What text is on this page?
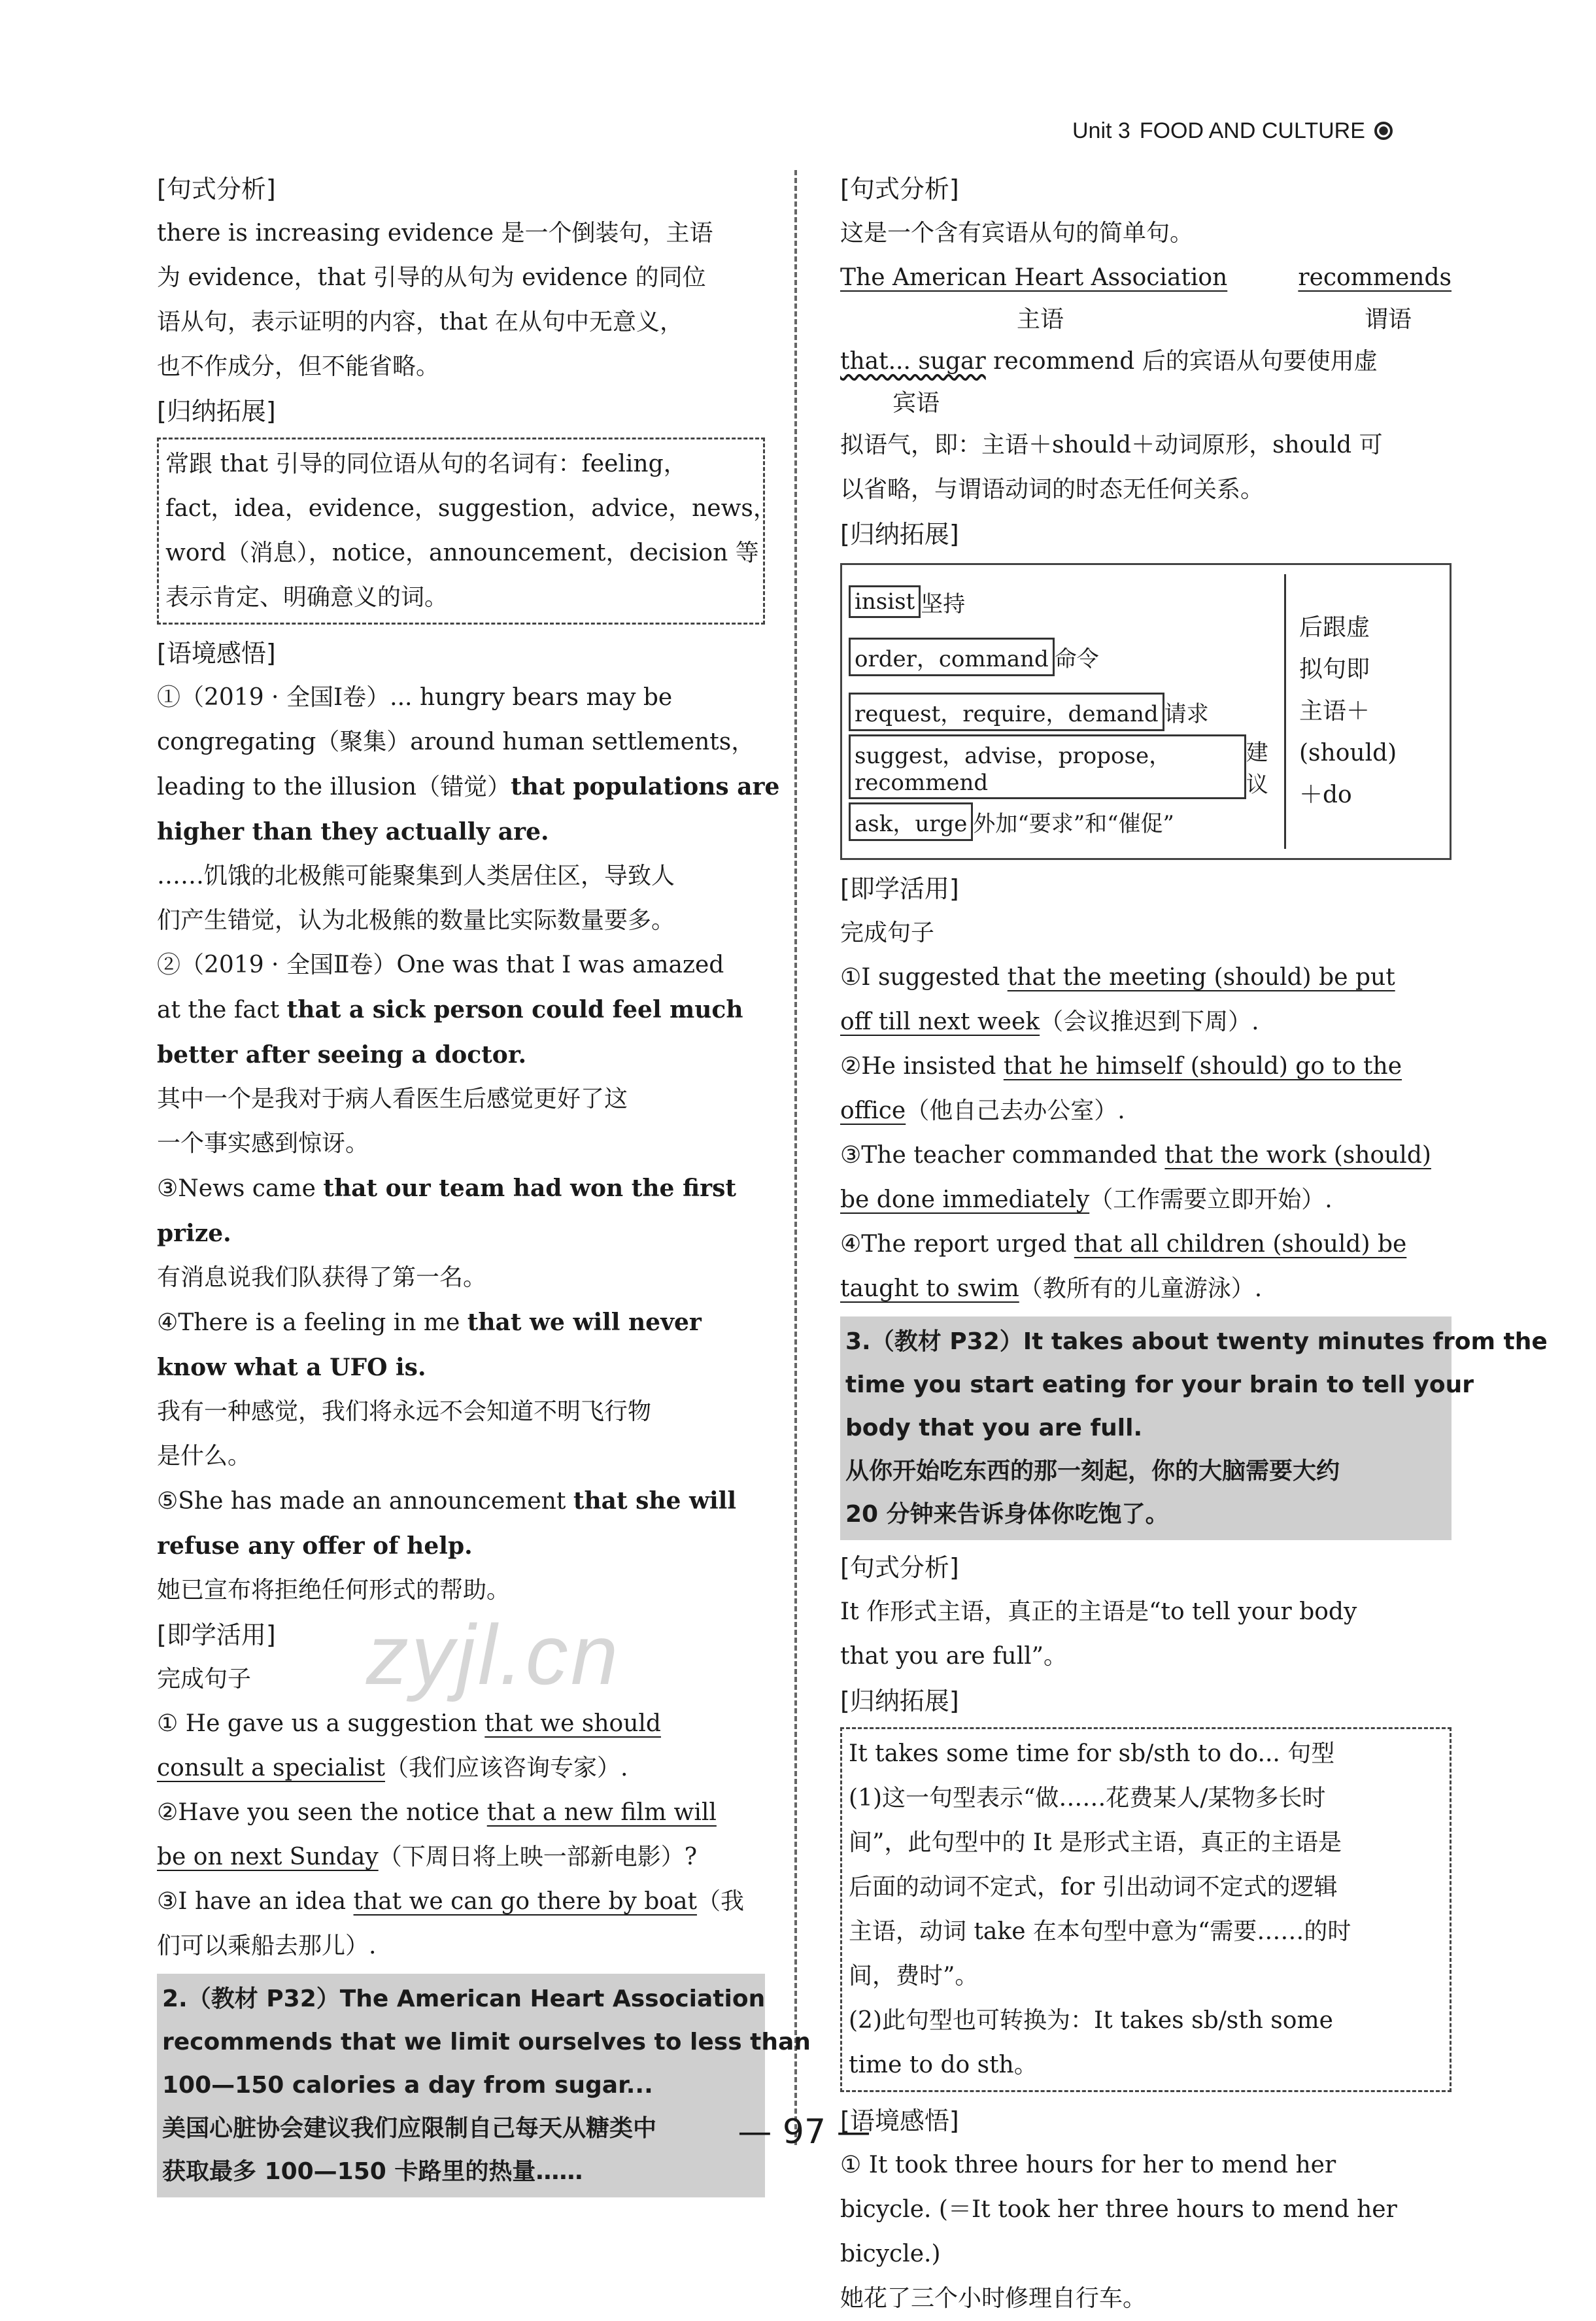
Unit 3 FOOD AND CULTURE
[句式分析]
there is increasing evidence 是一个倒装句，主语
为 evidence，that 引导的从句为 evidence 的同位
语从句，表示证明的内容，that 在从句中无意义，
也不作成分，但不能省略。
[归纳拓展]
常跟 that 引导的同位语从句的名词有：feeling，
fact，idea，evidence，suggestion，advice，news，
word（消息），notice，announcement，decision 等
表示肯定、明确意义的词。
[语境感悟]
①（2019 · 全国Ⅰ卷）... hungry bears may be
congregating（聚集）around human settlements，
leading to the illusion（错觉）that populations are
higher than they actually are.
……饥饿的北极熊可能聚集到人类居住区，导致人
们产生错觉，认为北极熊的数量比实际数量要多。
②（2019 · 全国Ⅱ卷）One was that I was amazed
at the fact that a sick person could feel much
better after seeing a doctor.
其中一个是我对于病人看医生后感觉更好了这
一个事实感到惊讶。
③News came that our team had won the first
prize.
有消息说我们队获得了第一名。
④There is a feeling in me that we will never
know what a UFO is.
我有一种感觉，我们将永远不会知道不明飞行物
是什么。
⑤She has made an announcement that she will
refuse any offer of help.
她已宣布将拒绝任何形式的帮助。
[即学活用]
完成句子
① He gave us a suggestion that we should
consult a specialist（我们应该咨询专家）.
②Have you seen the notice that a new film will
be on next Sunday（下周日将上映一部新电影）?
③I have an idea that we can go there by boat（我
们可以乘船去那儿）.
2.（教材 P32）The American Heart Association
recommends that we limit ourselves to less than
100—150 calories a day from sugar...
美国心脏协会建议我们应限制自己每天从糖类中
获取最多 100—150 卡路里的热量……
[句式分析]
这是一个含有宾语从句的简单句。
The American Heart Association	recommends
主语	谓语
that... sugar recommend 后的宾语从句要使用虚
宾语
拟语气，即：主语＋should＋动词原形，should 可
以省略，与谓语动词的时态无任何关系。
[归纳拓展]
insist 坚持
order，command 命令
request，require，demand 请求
suggest，advise，propose，recommend
建议
ask，urge 外加“要求”和“催促”
后跟虚
拟句即
主语＋
(should)
＋do
[即学活用]
完成句子
①I suggested that the meeting (should) be put
off till next week（会议推迟到下周）.
②He insisted that he himself (should) go to the
office（他自己去办公室）.
③The teacher commanded that the work (should)
be done immediately（工作需要立即开始）.
④The report urged that all children (should) be
taught to swim（教所有的儿童游泳）.
3.（教材 P32）It takes about twenty minutes from the
time you start eating for your brain to tell your
body that you are full.
从你开始吃东西的那一刻起，你的大脑需要大约
20 分钟来告诉身体你吃饱了。
[句式分析]
It 作形式主语，真正的主语是“to tell your body
that you are full”。
[归纳拓展]
It takes some time for sb/sth to do... 句型
(1)这一句型表示“做……花费某人/某物多长时
间”，此句型中的 It 是形式主语，真正的主语是
后面的动词不定式，for 引出动词不定式的逻辑
主语，动词 take 在本句型中意为“需要……的时
间，费时”。
(2)此句型也可转换为：It takes sb/sth some
time to do sth。
[语境感悟]
① It took three hours for her to mend her
bicycle. (＝It took her three hours to mend her
bicycle.)
她花了三个小时修理自行车。
zyjl.cn
— 97 —
